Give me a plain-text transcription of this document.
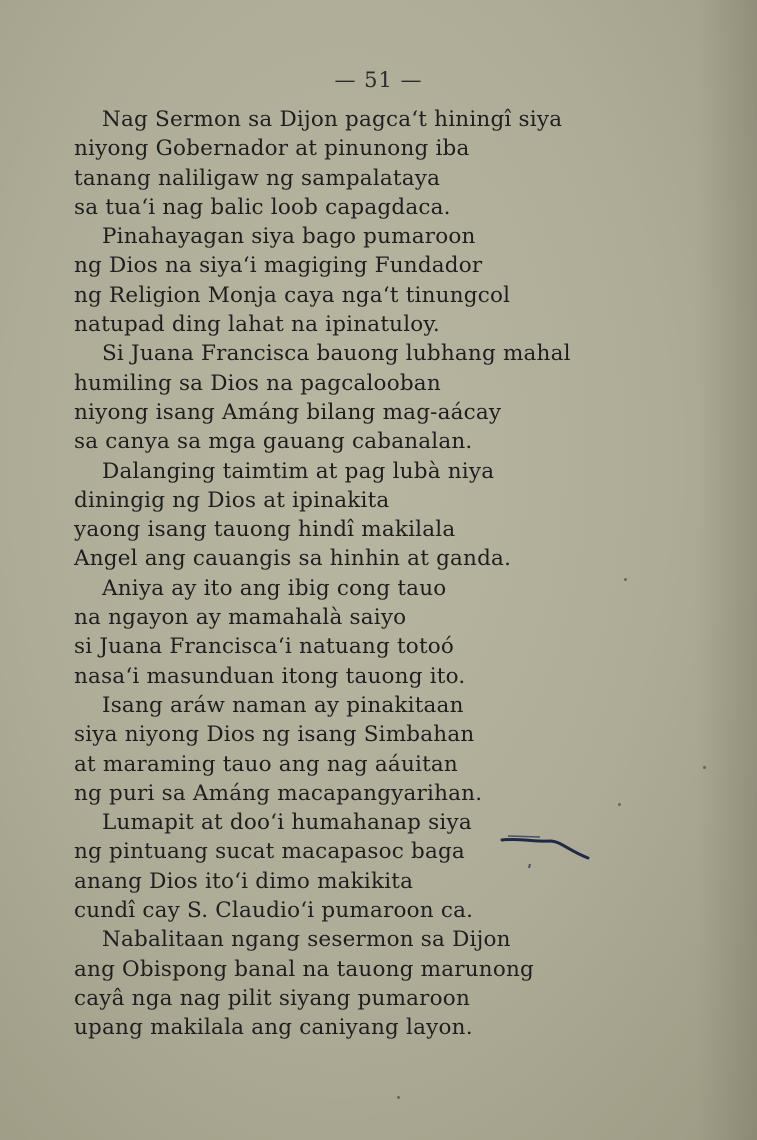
— 51 —
Nag Sermon sa Dijon pagca‘t hiningî siya
niyong Gobernador at pinunong iba
tanang naliligaw ng sampalataya
sa tua‘i nag balic loob capagdaca.
Pinahayagan siya bago pumaroon
ng Dios na siya‘i magiging Fundador
ng Religion Monja caya nga‘t tinungcol
natupad ding lahat na ipinatuloy.
Si Juana Francisca bauong lubhang mahal
humiling sa Dios na pagcalooban
niyong isang Amáng bilang mag-aácay
sa canya sa mga gauang cabanalan.
Dalanging taimtim at pag lubà niya
diningig ng Dios at ipinakita
yaong isang tauong hindî makilala
Angel ang cauangis sa hinhin at ganda.
Aniya ay ito ang ibig cong tauo
na ngayon ay mamahalà saiyo
si Juana Francisca‘i natuang totoó
nasa‘i masunduan itong tauong ito.
Isang aráw naman ay pinakitaan
siya niyong Dios ng isang Simbahan
at maraming tauo ang nag aáuitan
ng puri sa Amáng macapangyarihan.
Lumapit at doo‘i humahanap siya
ng pintuang sucat macapasoc baga
anang Dios ito‘i dimo makikita
cundî cay S. Claudio‘i pumaroon ca.
Nabalitaan ngang sesermon sa Dijon
ang Obispong banal na tauong marunong
cayâ nga nag pilit siyang pumaroon
upang makilala ang caniyang layon.
